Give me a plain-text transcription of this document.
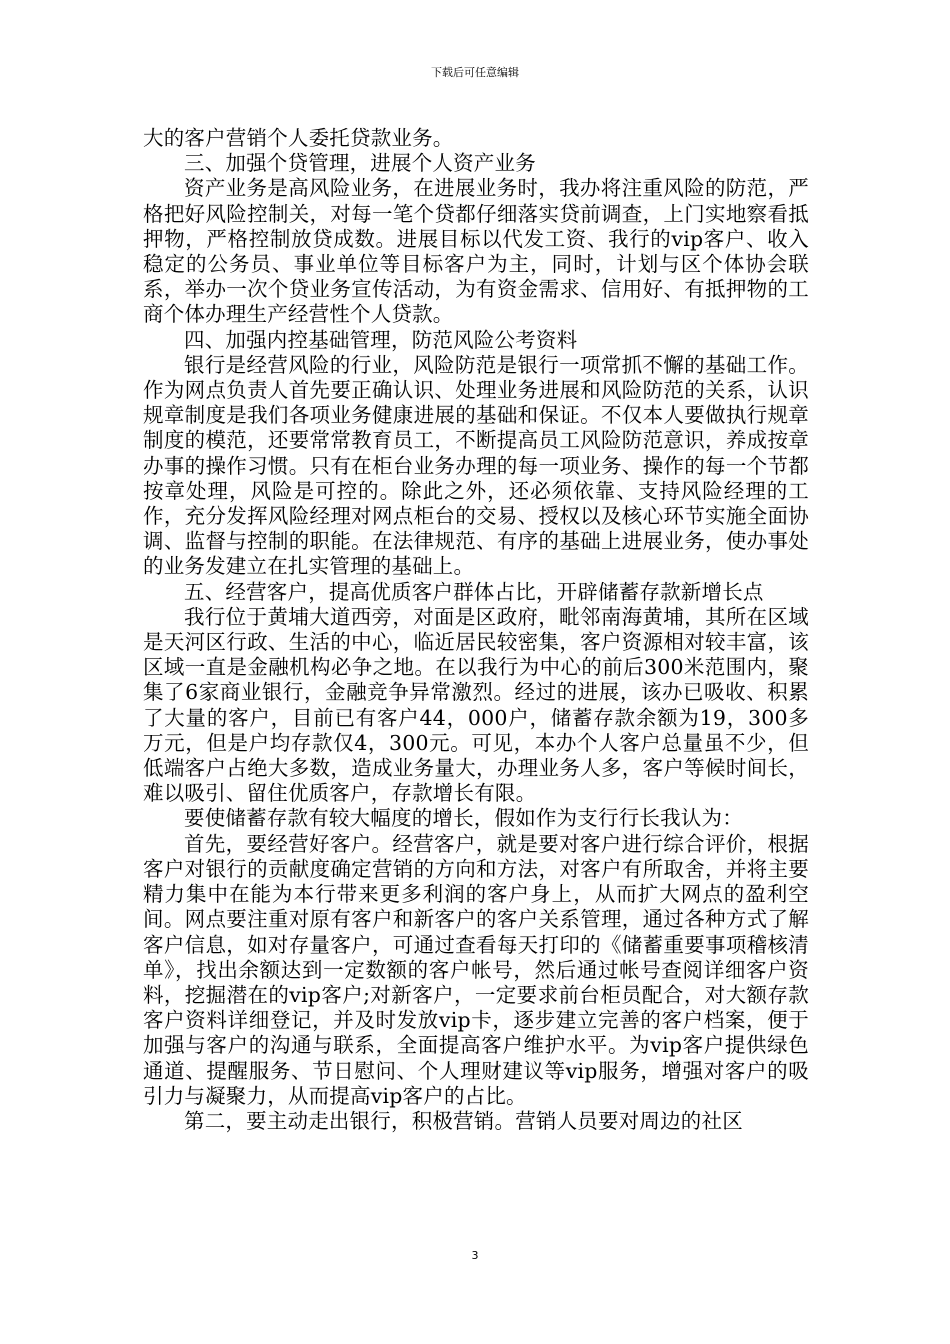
下载后可任意编辑

大的客户营销个人委托贷款业务。

三、加强个贷管理，进展个人资产业务

资产业务是高风险业务，在进展业务时，我办将注重风险的防范，严格把好风险控制关，对每一笔个贷都仔细落实贷前调查，上门实地察看抵押物，严格控制放贷成数。进展目标以代发工资、我行的vip客户、收入稳定的公务员、事业单位等目标客户为主，同时，计划与区个体协会联系，举办一次个贷业务宣传活动，为有资金需求、信用好、有抵押物的工商个体办理生产经营性个人贷款。

四、加强内控基础管理，防范风险公考资料

银行是经营风险的行业，风险防范是银行一项常抓不懈的基础工作。作为网点负责人首先要正确认识、处理业务进展和风险防范的关系，认识规章制度是我们各项业务健康进展的基础和保证。不仅本人要做执行规章制度的模范，还要常常教育员工，不断提高员工风险防范意识，养成按章办事的操作习惯。只有在柜台业务办理的每一项业务、操作的每一个节都按章处理，风险是可控的。除此之外，还必须依靠、支持风险经理的工作，充分发挥风险经理对网点柜台的交易、授权以及核心环节实施全面协调、监督与控制的职能。在法律规范、有序的基础上进展业务，使办事处的业务发建立在扎实管理的基础上。

五、经营客户，提高优质客户群体占比，开辟储蓄存款新增长点

我行位于黄埔大道西旁，对面是区政府，毗邻南海黄埔，其所在区域是天河区行政、生活的中心，临近居民较密集，客户资源相对较丰富，该区域一直是金融机构必争之地。在以我行为中心的前后300米范围内，聚集了6家商业银行，金融竞争异常激烈。经过的进展，该办已吸收、积累了大量的客户，目前已有客户44，000户，储蓄存款余额为19，300多万元，但是户均存款仅4，300元。可见，本办个人客户总量虽不少，但低端客户占绝大多数，造成业务量大，办理业务人多，客户等候时间长，难以吸引、留住优质客户，存款增长有限。

要使储蓄存款有较大幅度的增长，假如作为支行行长我认为：

首先，要经营好客户。经营客户，就是要对客户进行综合评价，根据客户对银行的贡献度确定营销的方向和方法，对客户有所取舍，并将主要精力集中在能为本行带来更多利润的客户身上，从而扩大网点的盈利空间。网点要注重对原有客户和新客户的客户关系管理，通过各种方式了解客户信息，如对存量客户，可通过查看每天打印的《储蓄重要事项稽核清单》，找出余额达到一定数额的客户帐号，然后通过帐号查阅详细客户资料，挖掘潜在的vip客户;对新客户，一定要求前台柜员配合，对大额存款客户资料详细登记，并及时发放vip卡，逐步建立完善的客户档案，便于加强与客户的沟通与联系，全面提高客户维护水平。为vip客户提供绿色通道、提醒服务、节日慰问、个人理财建议等vip服务，增强对客户的吸引力与凝聚力，从而提高vip客户的占比。

第二，要主动走出银行，积极营销。营销人员要对周边的社区

3
